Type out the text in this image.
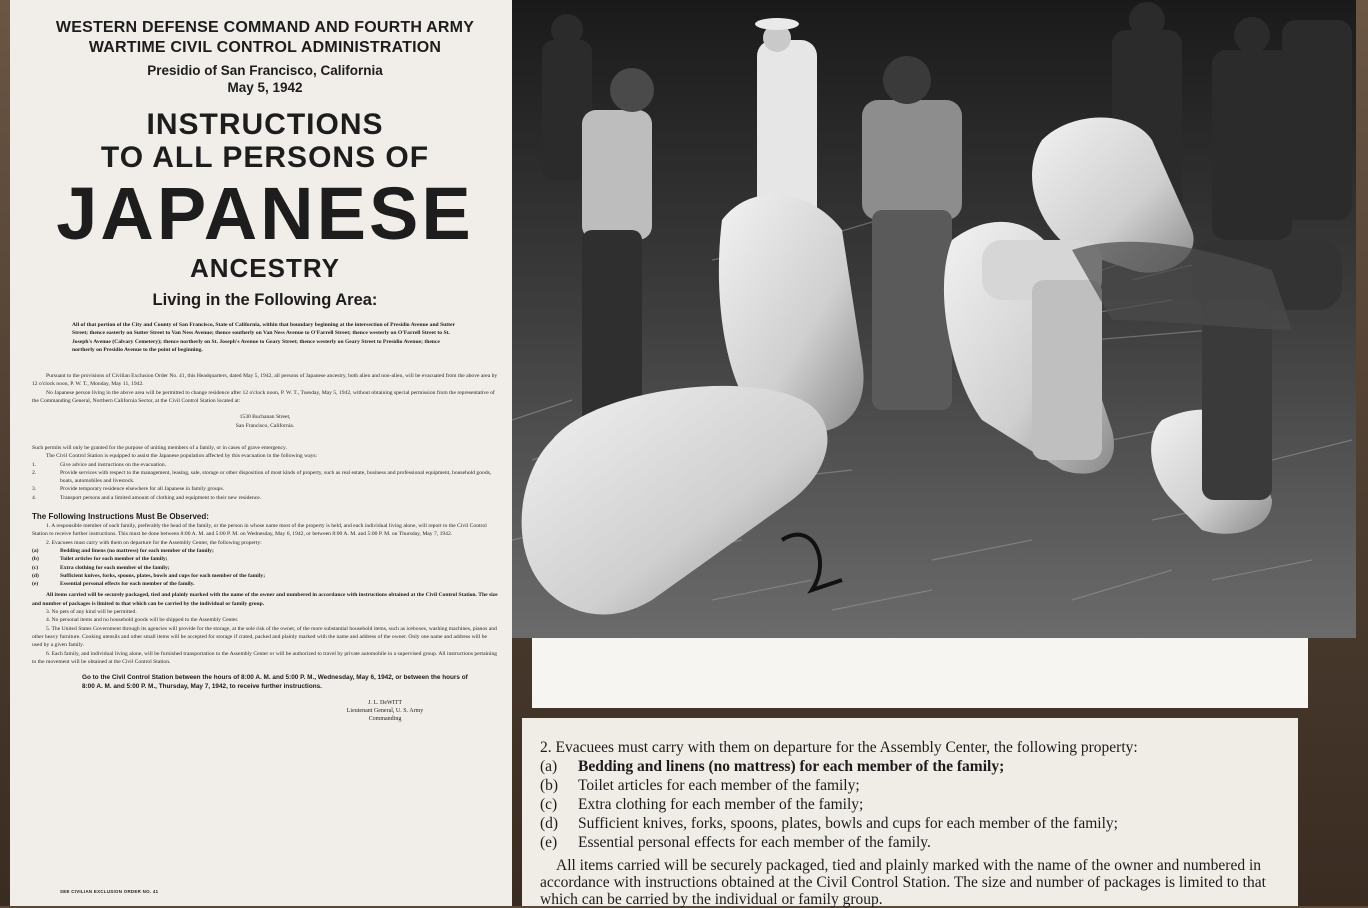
WESTERN DEFENSE COMMAND AND FOURTH ARMY
WARTIME CIVIL CONTROL ADMINISTRATION
Presidio of San Francisco, California
May 5, 1942
INSTRUCTIONS
TO ALL PERSONS OF
JAPANESE
ANCESTRY
Living in the Following Area:
All of that portion of the City and County of San Francisco, State of California, within that boundary beginning at the intersection of Presidio Avenue and Sutter Street; thence easterly on Sutter Street to Van Ness Avenue; thence southerly on Van Ness Avenue to O'Farrell Street; thence westerly on O'Farrell Street to St. Joseph's Avenue (Calvary Cemetery); thence northerly on St. Joseph's Avenue to Geary Street; thence westerly on Geary Street to Presidio Avenue; thence northerly on Presidio Avenue to the point of beginning.
Pursuant to the provisions of Civilian Exclusion Order No. 41, this Headquarters, dated May 5, 1942, all persons of Japanese ancestry, both alien and non-alien, will be evacuated from the above area by 12 o'clock noon, P. W. T., Monday, May 11, 1942.
No Japanese person living in the above area will be permitted to change residence after 12 o'clock noon, P. W. T., Tuesday, May 5, 1942, without obtaining special permission from the representative of the Commanding General, Northern California Sector, at the Civil Control Station located at:
1530 Buchanan Street,
San Francisco, California.
Such permits will only be granted for the purpose of uniting members of a family, or in cases of grave emergency.
The Civil Control Station is equipped to assist the Japanese population affected by this evacuation in the following ways:
1.	Give advice and instructions on the evacuation.
2.	Provide services with respect to the management, leasing, sale, storage or other disposition of most kinds of property, such as real estate, business and professional equipment, household goods, boats, automobiles and livestock.
3.	Provide temporary residence elsewhere for all Japanese in family groups.
4.	Transport persons and a limited amount of clothing and equipment to their new residence.
The Following Instructions Must Be Observed:
1. A responsible member of each family, preferably the head of the family, or the person in whose name most of the property is held, and each individual living alone, will report to the Civil Control Station to receive further instructions. This must be done between 8:00 A. M. and 5:00 P. M. on Wednesday, May 6, 1942, or between 8:00 A. M. and 5:00 P. M. on Thursday, May 7, 1942.
2. Evacuees must carry with them on departure for the Assembly Center, the following property:
(a)	Bedding and linens (no mattress) for each member of the family;
(b)	Toilet articles for each member of the family;
(c)	Extra clothing for each member of the family;
(d)	Sufficient knives, forks, spoons, plates, bowls and cups for each member of the family;
(e)	Essential personal effects for each member of the family.
All items carried will be securely packaged, tied and plainly marked with the name of the owner and numbered in accordance with instructions obtained at the Civil Control Station. The size and number of packages is limited to that which can be carried by the individual or family group.
3. No pets of any kind will be permitted.
4. No personal items and no household goods will be shipped to the Assembly Center.
5. The United States Government through its agencies will provide for the storage, at the sole risk of the owner, of the more substantial household items, such as iceboxes, washing machines, pianos and other heavy furniture. Cooking utensils and other small items will be accepted for storage if crated, packed and plainly marked with the name and address of the owner. Only one name and address will be used by a given family.
6. Each family, and individual living alone, will be furnished transportation to the Assembly Center or will be authorized to travel by private automobile in a supervised group. All instructions pertaining to the movement will be obtained at the Civil Control Station.
Go to the Civil Control Station between the hours of 8:00 A. M. and 5:00 P. M., Wednesday, May 6, 1942, or between the hours of 8:00 A. M. and 5:00 P. M., Thursday, May 7, 1942, to receive further instructions.
J. L. DeWITT
Lieutenant General, U. S. Army
Commanding
SEE CIVILIAN EXCLUSION ORDER NO. 41
2. Evacuees must carry with them on departure for the Assembly Center, the following property:
(a)	Bedding and linens (no mattress) for each member of the family;
(b)	Toilet articles for each member of the family;
(c)	Extra clothing for each member of the family;
(d)	Sufficient knives, forks, spoons, plates, bowls and cups for each member of the family;
(e)	Essential personal effects for each member of the family.
All items carried will be securely packaged, tied and plainly marked with the name of the owner and numbered in accordance with instructions obtained at the Civil Control Station. The size and number of packages is limited to that which can be carried by the individual or family group.
